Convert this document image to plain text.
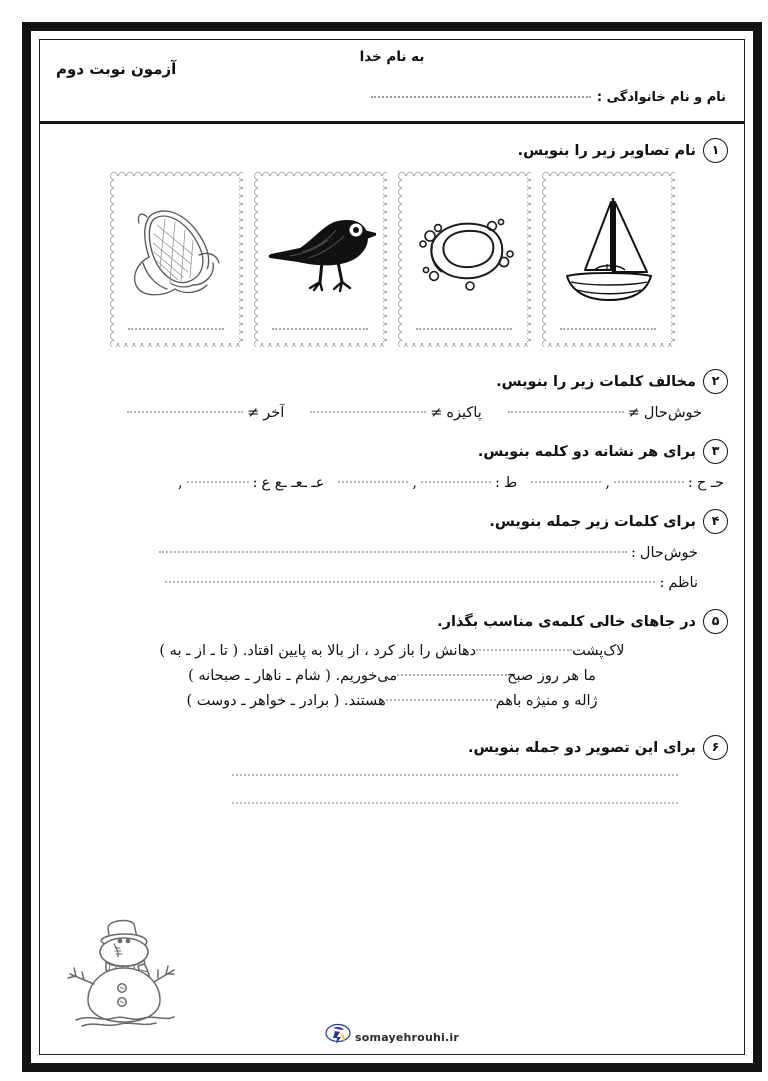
به نام خدا
آزمون نوبت دوم
نام و نام خانوادگی :
۱
نام تصاویر زیر را بنویس.
۲
مخالف کلمات زیر را بنویس.
خوش‌حال
≠
پاکیزه
≠
آخر
≠
۳
برای هر نشانه دو کلمه بنویس.
حـ ح
:
,
ط
:
,
عـ ـعـ ـع ع
:
,
۴
برای کلمات زیر جمله بنویس.
خوش‌حال
:
ناظم
:
۵
در جاهای خالی کلمه‌ی مناسب بگذار.
لاک‌پشتدهانش را باز کرد ، از بالا به پایین افتاد. ( تا ـ از ـ به )
ما هر روز صبحمی‌خوریم. ( شام ـ ناهار ـ صبحانه )
ژاله و منیژه باهمهستند. ( برادر ـ خواهر ـ دوست )
۶
برای این تصویر دو جمله بنویس.
somayehrouhi.ir
